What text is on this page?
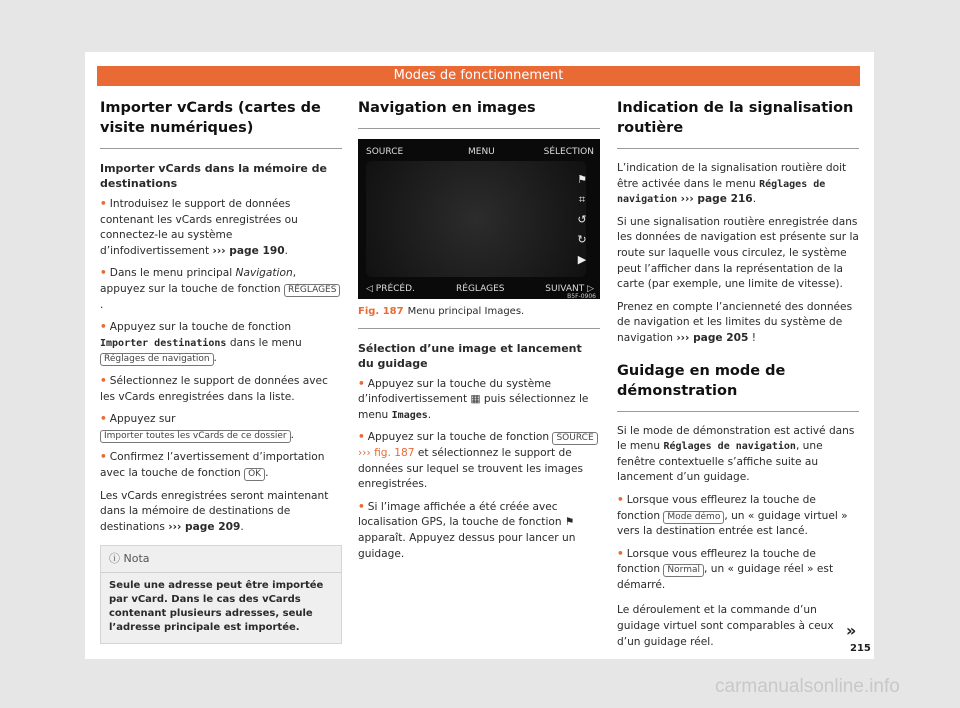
Modes de fonctionnement
Importer vCards (cartes de visite numériques)
Importer vCards dans la mémoire de destinations

• Introduisez le support de données contenant les vCards enregistrées ou connectez-le au système d’infodivertissement ››› page 190.

• Dans le menu principal Navigation, appuyez sur la touche de fonction RÉGLAGES.

• Appuyez sur la touche de fonction Importer destinations dans le menu Réglages de navigation .

• Sélectionnez le support de données avec les vCards enregistrées dans la liste.

• Appuyez sur Importer toutes les vCards de ce dossier .

• Confirmez l’avertissement d’importation avec la touche de fonction OK .

Les vCards enregistrées seront maintenant dans la mémoire de destinations de destinations ››› page 209.

ⓘ Nota
Seule une adresse peut être importée par vCard. Dans le cas des vCards contenant plusieurs adresses, seule l’adresse principale est importée.
Navigation en images
SOURCE	MENU	SÉLECTION
⚑
⌗
↺
↻
▶
◁ PRÉCÉD.	RÉGLAGES	SUIVANT ▷
B5F-0906
Fig. 187 Menu principal Images.
Sélection d’une image et lancement du guidage

• Appuyez sur la touche du système d’infodivertissement ▦ puis sélectionnez le menu Images.

• Appuyez sur la touche de fonction SOURCE ››› fig. 187 et sélectionnez le support de données sur lequel se trouvent les images enregistrées.

• Si l’image affichée a été créée avec localisation GPS, la touche de fonction ⚑ apparaît. Appuyez dessus pour lancer un guidage.

Indication de la signalisation routière

L’indication de la signalisation routière doit être activée dans le menu Réglages de navigation ››› page 216.

Si une signalisation routière enregistrée dans les données de navigation est présente sur la route sur laquelle vous circulez, le système peut l’afficher dans la représentation de la carte (par exemple, une limite de vitesse).

Prenez en compte l’ancienneté des données de navigation et les limites du système de navigation ››› page 205 !

Guidage en mode de démonstration

Si le mode de démonstration est activé dans le menu Réglages de navigation, une fenêtre contextuelle s’affiche suite au lancement d’un guidage.

• Lorsque vous effleurez la touche de fonction Mode démo , un « guidage virtuel » vers la destination entrée est lancé.

• Lorsque vous effleurez la touche de fonction Normal , un « guidage réel » est démarré.

Le déroulement et la commande d’un guidage virtuel sont comparables à ceux d’un guidage réel.

»
215
carmanualsonline.info
